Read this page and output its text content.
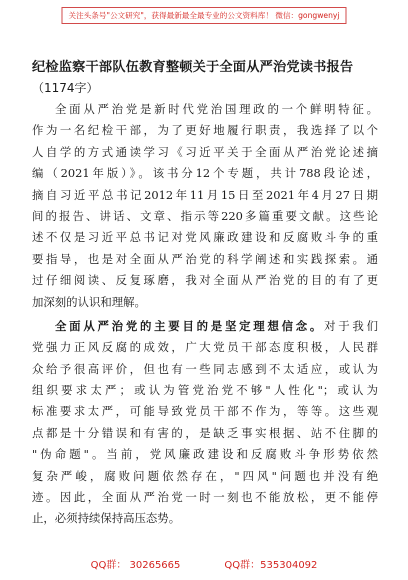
关注头条号"公文研究"，获得最新最全最专业的公文资料库！ 微信：gongwenyj
纪检监察干部队伍教育整顿关于全面从严治党读书报告
（1174字）
全面从严治党是新时代党治国理政的一个鲜明特征。
作为一名纪检干部，为了更好地履行职责，我选择了以个
人自学的方式通读学习《习近平关于全面从严治党论述摘
编（2021年版）》。该书分12个专题，共计788段论述，
摘自习近平总书记2012年11月15日至2021年4月27日期
间的报告、讲话、文章、指示等220多篇重要文献。这些论
述不仅是习近平总书记对党风廉政建设和反腐败斗争的重
要指导，也是对全面从严治党的科学阐述和实践探索。通
过仔细阅读、反复琢磨，我对全面从严治党的目的有了更
加深刻的认识和理解。
全面从严治党的主要目的是坚定理想信念。对于我们
党强力正风反腐的成效，广大党员干部态度积极，人民群
众给予很高评价，但也有一些同志感到不太适应，或认为
组织要求太严；或认为管党治党不够"人性化"；或认为
标准要求太严，可能导致党员干部不作为，等等。这些观
点都是十分错误和有害的，是缺乏事实根据、站不住脚的
"伪命题"。当前，党风廉政建设和反腐败斗争形势依然
复杂严峻，腐败问题依然存在，"四风"问题也并没有绝
迹。因此，全面从严治党一时一刻也不能放松，更不能停
止，必须持续保持高压态势。
QQ群： 30265665	QQ群：535304092
